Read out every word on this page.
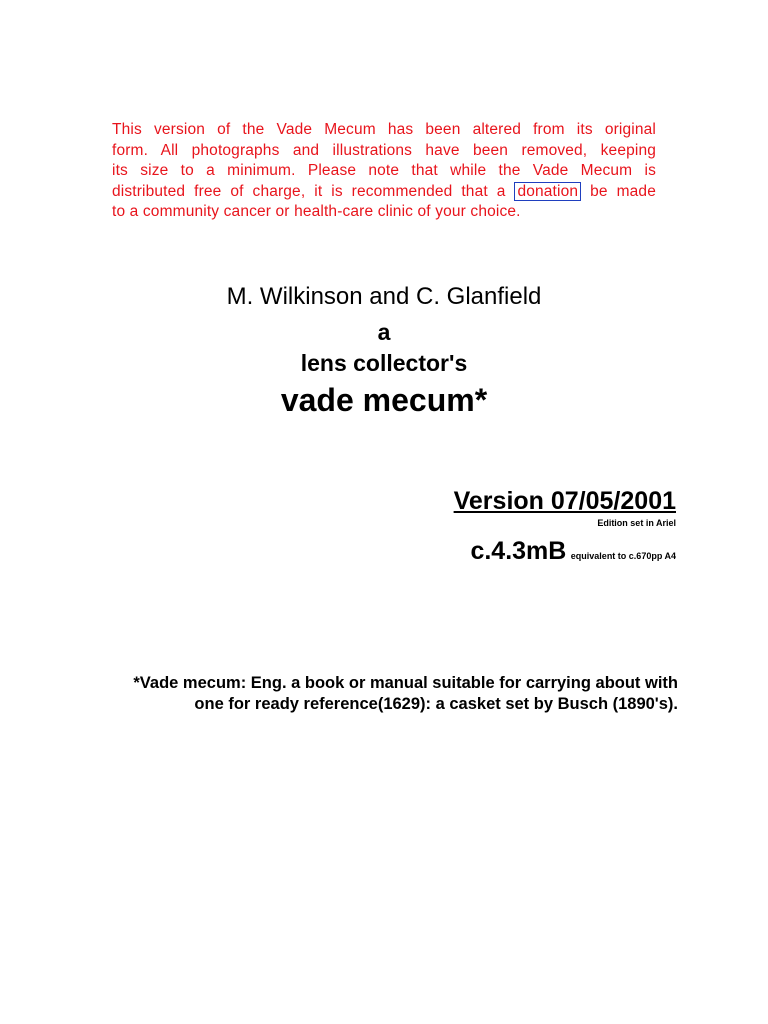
This version of the Vade Mecum has been altered from its original
form. All photographs and illustrations have been removed, keeping
its size to a minimum. Please note that while the Vade Mecum is
distributed free of charge, it is recommended that a donation be made
to a community cancer or health-care clinic of your choice.
M. Wilkinson and C. Glanfield
a
lens collector's
vade mecum*
Version 07/05/2001
Edition set in Ariel
c.4.3mB equivalent to c.670pp A4
*Vade mecum: Eng. a book or manual suitable for carrying about with
one for ready reference(1629): a casket set by Busch (1890's).
